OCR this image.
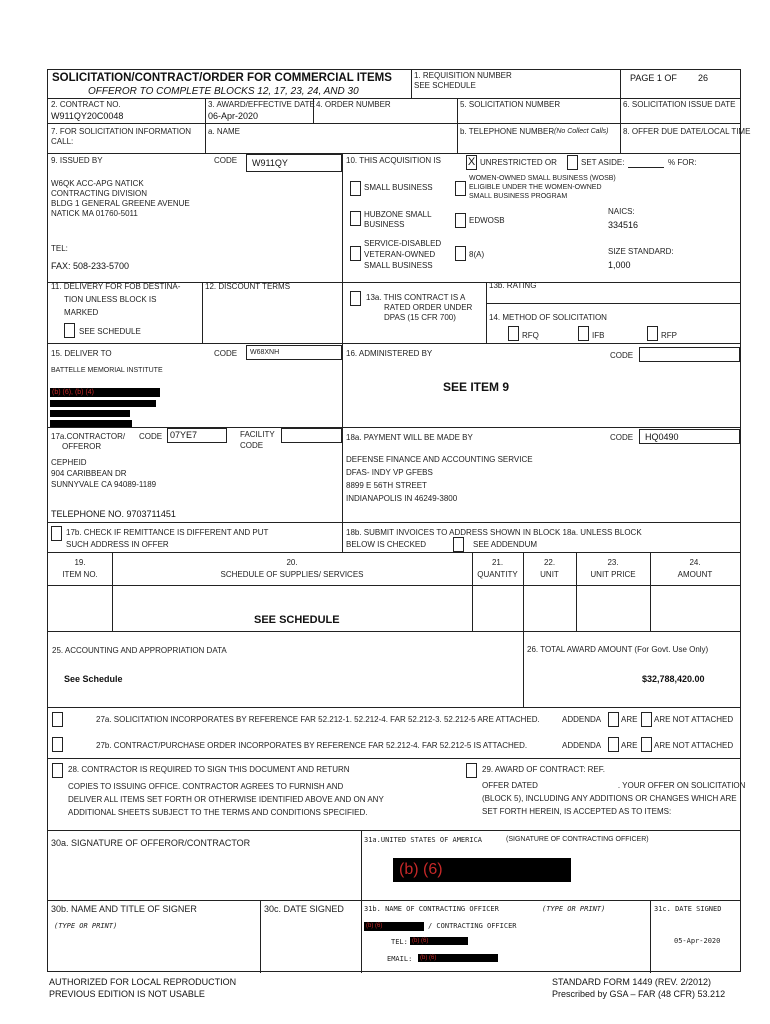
SOLICITATION/CONTRACT/ORDER FOR COMMERCIAL ITEMS
OFFEROR TO COMPLETE BLOCKS 12, 17, 23, 24, AND 30
1. REQUISITION NUMBER
SEE SCHEDULE
PAGE 1 OF 26
2. CONTRACT NO.
W911QY20C0048
3. AWARD/EFFECTIVE DATE
06-Apr-2020
4. ORDER NUMBER	5. SOLICITATION NUMBER	6. SOLICITATION ISSUE DATE
7. FOR SOLICITATION INFORMATION CALL:
a. NAME	b. TELEPHONE NUMBER (No Collect Calls) 8. OFFER DUE DATE/LOCAL TIME
9. ISSUED BY	CODE W911QY
W6QK ACC-APG NATICK
CONTRACTING DIVISION
BLDG 1 GENERAL GREENE AVENUE
NATICK MA 01760-5011
TEL:
FAX: 508-233-5700
10. THIS ACQUISITION IS X UNRESTRICTED OR	SET ASIDE:	% FOR:
SMALL BUSINESS
WOMEN-OWNED SMALL BUSINESS (WOSB)
ELIGIBLE UNDER THE WOMEN-OWNED
SMALL BUSINESS PROGRAM
HUBZONE SMALL
BUSINESS	EDWOSB
NAICS:
334516
SERVICE-DISABLED
VETERAN-OWNED
SMALL BUSINESS
8(A)	SIZE STANDARD:
1,000
11. DELIVERY FOR FOB DESTINA-
TION UNLESS BLOCK IS
MARKED
SEE SCHEDULE
12. DISCOUNT TERMS
13a. THIS CONTRACT IS A
RATED ORDER UNDER
DPAS (15 CFR 700)
13b. RATING
14. METHOD OF SOLICITATION
RFQ	IFB	RFP
15. DELIVER TO	CODE W68XNH
BATTELLE MEMORIAL INSTITUTE
(b) (6), (b) (4)
16. ADMINISTERED BY	CODE
SEE ITEM 9
17a.CONTRACTOR/
OFFEROR
CODE 07YE7	FACILITY
CODE
CEPHEID
904 CARIBBEAN DR
SUNNYVALE CA 94089-1189
TELEPHONE NO. 9703711451
18a. PAYMENT WILL BE MADE BY	CODE HQ0490
DEFENSE FINANCE AND ACCOUNTING SERVICE
DFAS- INDY VP GFEBS
8899 E 56TH STREET
INDIANAPOLIS IN 46249-3800
17b. CHECK IF REMITTANCE IS DIFFERENT AND PUT
SUCH ADDRESS IN OFFER
18b. SUBMIT INVOICES TO ADDRESS SHOWN IN BLOCK 18a. UNLESS BLOCK
BELOW IS CHECKED	SEE ADDENDUM
19.
ITEM NO.
20.
SCHEDULE OF SUPPLIES/ SERVICES
21.
QUANTITY
22.
UNIT
23.
UNIT PRICE
24.
AMOUNT
SEE SCHEDULE
25. ACCOUNTING AND APPROPRIATION DATA
See Schedule
26. TOTAL AWARD AMOUNT (For Govt. Use Only)
$32,788,420.00
27a. SOLICITATION INCORPORATES BY REFERENCE FAR 52.212-1. 52.212-4. FAR 52.212-3. 52.212-5 ARE ATTACHED.	ADDENDA ARE ARE NOT ATTACHED
27b. CONTRACT/PURCHASE ORDER INCORPORATES BY REFERENCE FAR 52.212-4. FAR 52.212-5 IS ATTACHED.	ADDENDA ARE ARE NOT ATTACHED
28. CONTRACTOR IS REQUIRED TO SIGN THIS DOCUMENT AND RETURN
COPIES TO ISSUING OFFICE. CONTRACTOR AGREES TO FURNISH AND
DELIVER ALL ITEMS SET FORTH OR OTHERWISE IDENTIFIED ABOVE AND ON ANY
ADDITIONAL SHEETS SUBJECT TO THE TERMS AND CONDITIONS SPECIFIED.
29. AWARD OF CONTRACT: REF.
OFFER DATED                                    . YOUR OFFER ON SOLICITATION
(BLOCK 5), INCLUDING ANY ADDITIONS OR CHANGES WHICH ARE
SET FORTH HEREIN, IS ACCEPTED AS TO ITEMS:
30a. SIGNATURE OF OFFEROR/CONTRACTOR	31a.UNITED STATES OF AMERICA	(SIGNATURE OF CONTRACTING OFFICER)
(b) (6)
30b. NAME AND TITLE OF SIGNER
(TYPE OR PRINT)
30c. DATE SIGNED	31b. NAME OF CONTRACTING OFFICER	(TYPE OR PRINT)
(b) (6)	/ CONTRACTING OFFICER
TEL: (b) (6)
EMAIL: (b) (6)
31c. DATE SIGNED
05-Apr-2020
AUTHORIZED FOR LOCAL REPRODUCTION
PREVIOUS EDITION IS NOT USABLE
STANDARD FORM 1449 (REV. 2/2012)
Prescribed by GSA – FAR (48 CFR) 53.212
